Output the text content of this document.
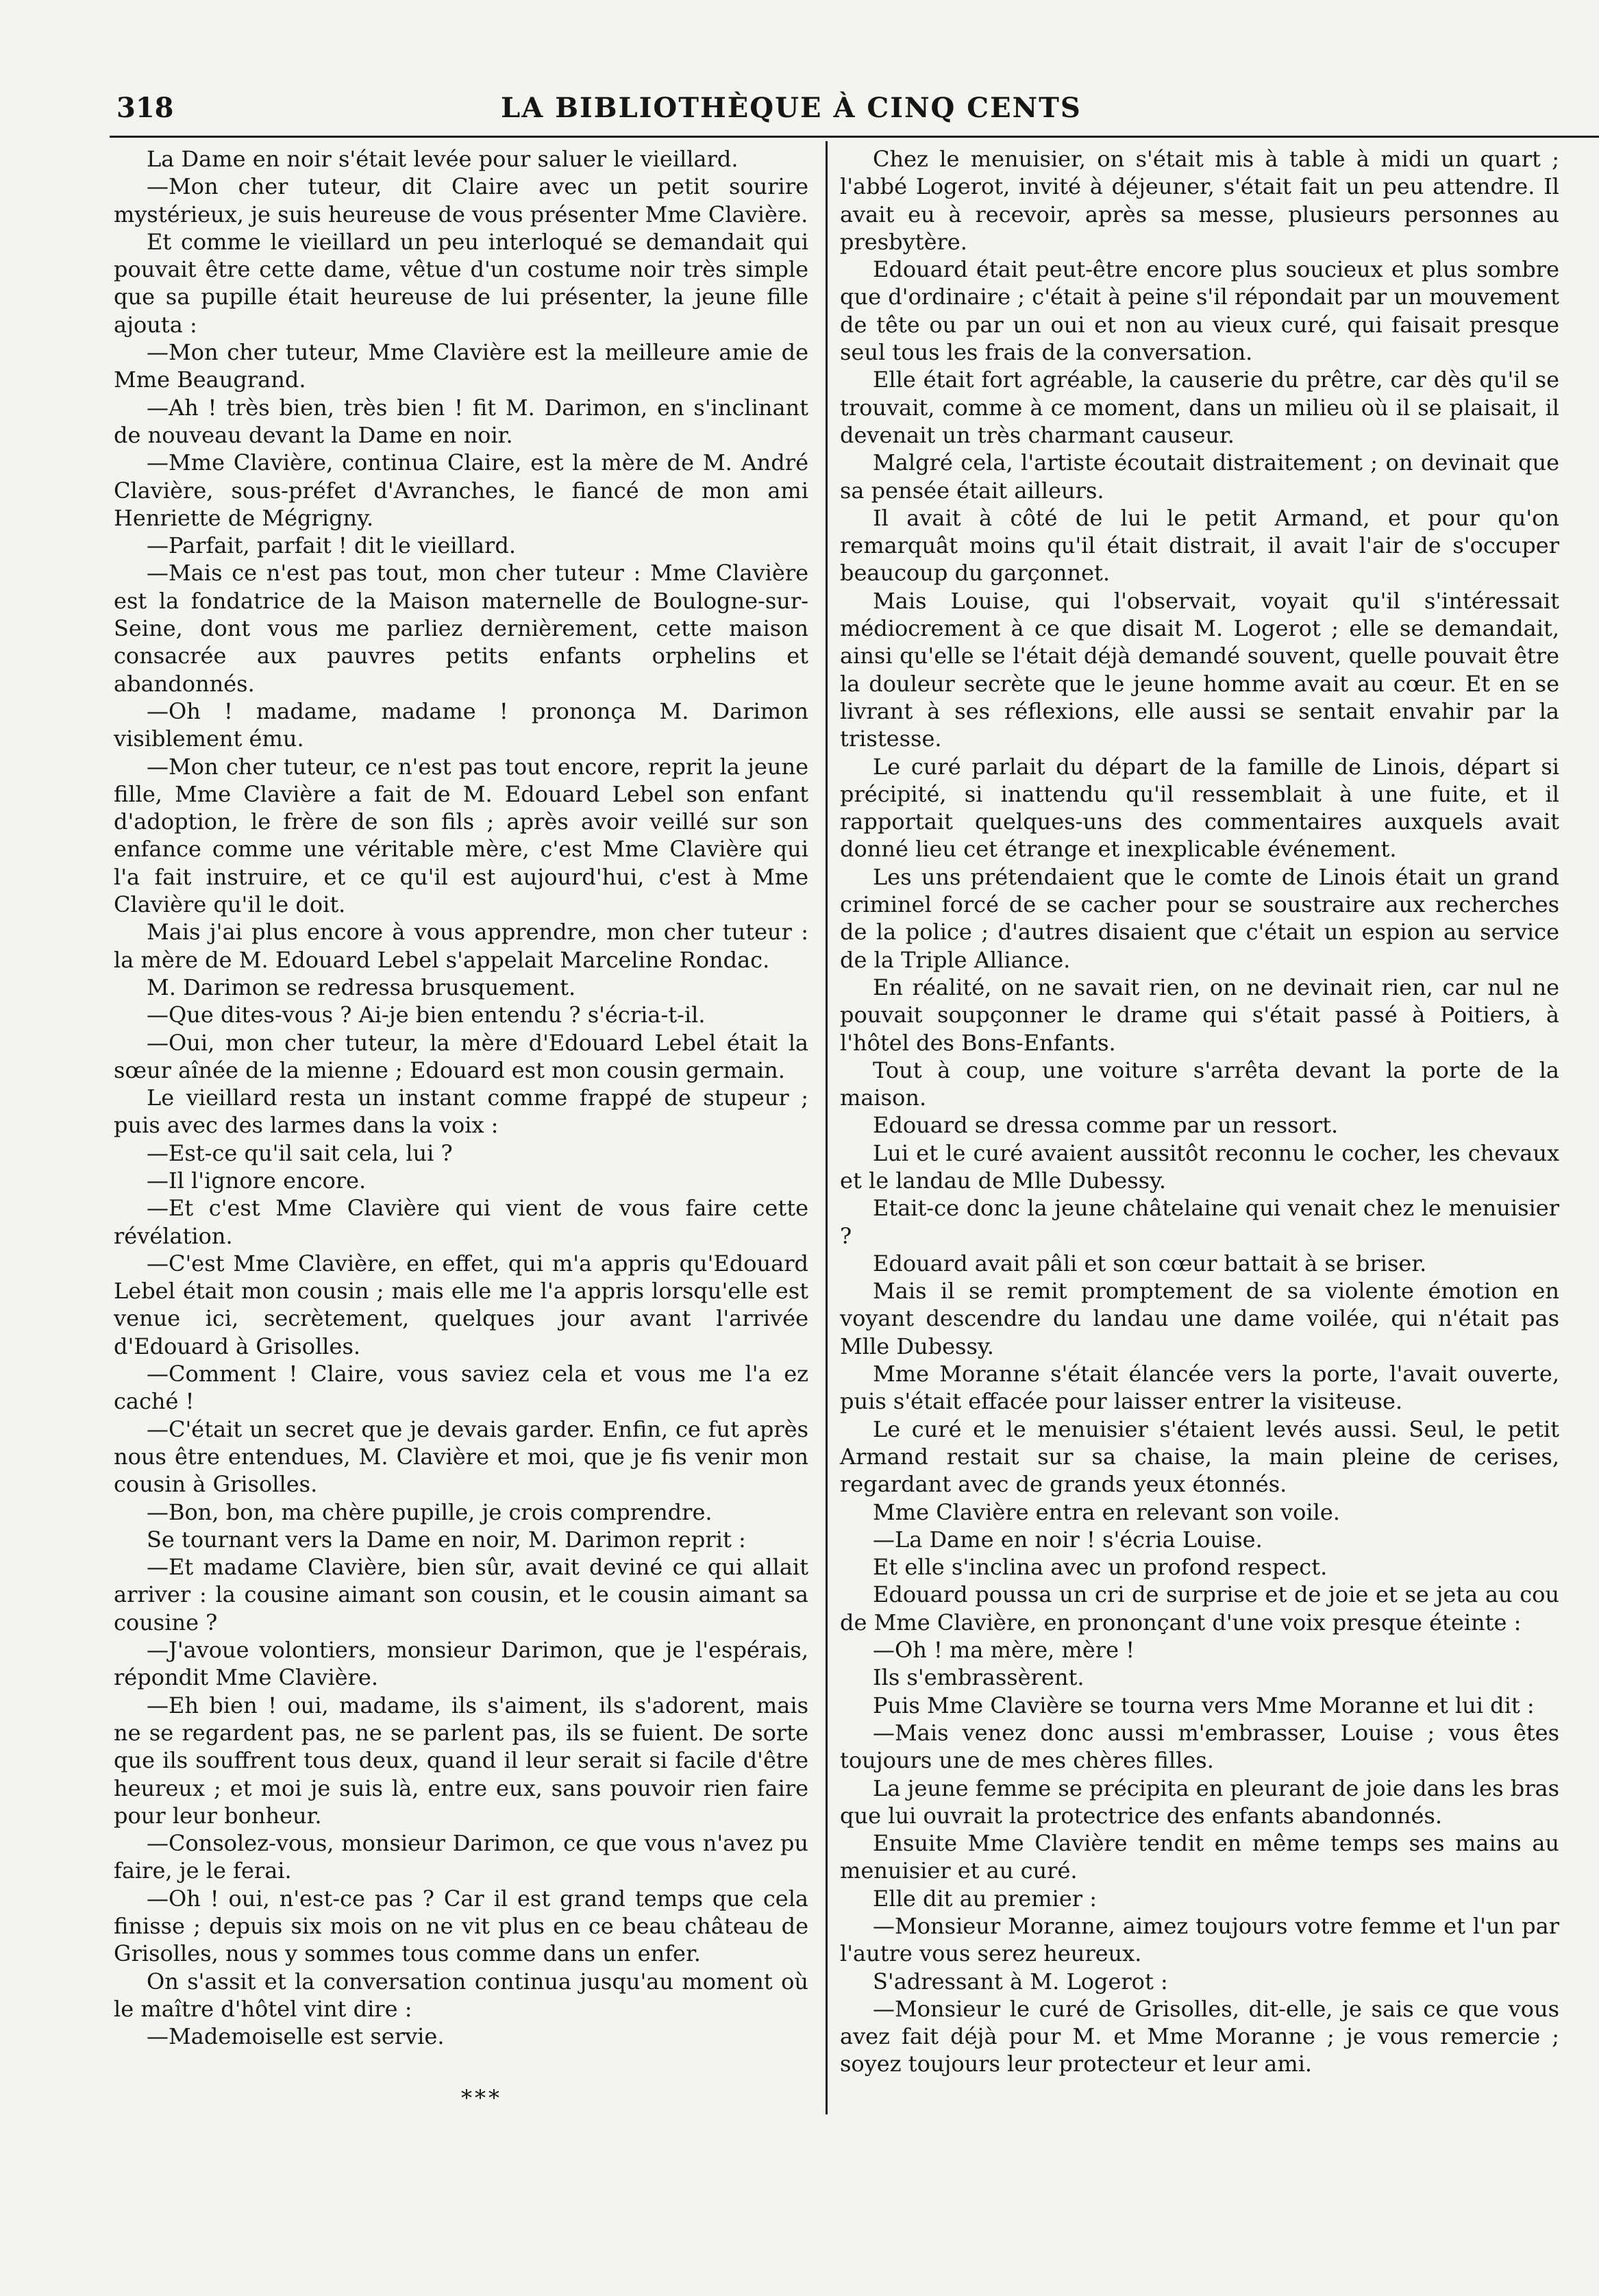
318	LA BIBLIOTHÈQUE À CINQ CENTS

La Dame en noir s'était levée pour saluer le vieillard.

—Mon cher tuteur, dit Claire avec un petit sourire mystérieux, je suis heureuse de vous présenter Mme Clavière.

Et comme le vieillard un peu interloqué se demandait qui pouvait être cette dame, vêtue d'un costume noir très simple que sa pupille était heureuse de lui présenter, la jeune fille ajouta :

—Mon cher tuteur, Mme Clavière est la meilleure amie de Mme Beaugrand.

—Ah ! très bien, très bien ! fit M. Darimon, en s'inclinant de nouveau devant la Dame en noir.

—Mme Clavière, continua Claire, est la mère de M. André Clavière, sous-préfet d'Avranches, le fiancé de mon ami Henriette de Mégrigny.

—Parfait, parfait ! dit le vieillard.

—Mais ce n'est pas tout, mon cher tuteur : Mme Clavière est la fondatrice de la Maison maternelle de Boulogne-sur-Seine, dont vous me parliez dernièrement, cette maison consacrée aux pauvres petits enfants orphelins et abandonnés.

—Oh ! madame, madame ! prononça M. Darimon visiblement ému.

—Mon cher tuteur, ce n'est pas tout encore, reprit la jeune fille, Mme Clavière a fait de M. Edouard Lebel son enfant d'adoption, le frère de son fils ; après avoir veillé sur son enfance comme une véritable mère, c'est Mme Clavière qui l'a fait instruire, et ce qu'il est aujourd'hui, c'est à Mme Clavière qu'il le doit.

Mais j'ai plus encore à vous apprendre, mon cher tuteur : la mère de M. Edouard Lebel s'appelait Marceline Rondac.

M. Darimon se redressa brusquement.

—Que dites-vous ? Ai-je bien entendu ? s'écria-t-il.

—Oui, mon cher tuteur, la mère d'Edouard Lebel était la sœur aînée de la mienne ; Edouard est mon cousin germain.

Le vieillard resta un instant comme frappé de stupeur ; puis avec des larmes dans la voix :

—Est-ce qu'il sait cela, lui ?

—Il l'ignore encore.

—Et c'est Mme Clavière qui vient de vous faire cette révélation.

—C'est Mme Clavière, en effet, qui m'a appris qu'Edouard Lebel était mon cousin ; mais elle me l'a appris lorsqu'elle est venue ici, secrètement, quelques jour avant l'arrivée d'Edouard à Grisolles.

—Comment ! Claire, vous saviez cela et vous me l'a ez caché !

—C'était un secret que je devais garder. Enfin, ce fut après nous être entendues, M. Clavière et moi, que je fis venir mon cousin à Grisolles.

—Bon, bon, ma chère pupille, je crois comprendre.

Se tournant vers la Dame en noir, M. Darimon reprit :

—Et madame Clavière, bien sûr, avait deviné ce qui allait arriver : la cousine aimant son cousin, et le cousin aimant sa cousine ?

—J'avoue volontiers, monsieur Darimon, que je l'espérais, répondit Mme Clavière.

—Eh bien ! oui, madame, ils s'aiment, ils s'adorent, mais ne se regardent pas, ne se parlent pas, ils se fuient. De sorte que ils souffrent tous deux, quand il leur serait si facile d'être heureux ; et moi je suis là, entre eux, sans pouvoir rien faire pour leur bonheur.

—Consolez-vous, monsieur Darimon, ce que vous n'avez pu faire, je le ferai.

—Oh ! oui, n'est-ce pas ? Car il est grand temps que cela finisse ; depuis six mois on ne vit plus en ce beau château de Grisolles, nous y sommes tous comme dans un enfer.

On s'assit et la conversation continua jusqu'au moment où le maître d'hôtel vint dire :

—Mademoiselle est servie.

***

Chez le menuisier, on s'était mis à table à midi un quart ; l'abbé Logerot, invité à déjeuner, s'était fait un peu attendre. Il avait eu à recevoir, après sa messe, plusieurs personnes au presbytère.

Edouard était peut-être encore plus soucieux et plus sombre que d'ordinaire ; c'était à peine s'il répondait par un mouvement de tête ou par un oui et non au vieux curé, qui faisait presque seul tous les frais de la conversation.

Elle était fort agréable, la causerie du prêtre, car dès qu'il se trouvait, comme à ce moment, dans un milieu où il se plaisait, il devenait un très charmant causeur.

Malgré cela, l'artiste écoutait distraitement ; on devinait que sa pensée était ailleurs.

Il avait à côté de lui le petit Armand, et pour qu'on remarquât moins qu'il était distrait, il avait l'air de s'occuper beaucoup du garçonnet.

Mais Louise, qui l'observait, voyait qu'il s'intéressait médiocrement à ce que disait M. Logerot ; elle se demandait, ainsi qu'elle se l'était déjà demandé souvent, quelle pouvait être la douleur secrète que le jeune homme avait au cœur. Et en se livrant à ses réflexions, elle aussi se sentait envahir par la tristesse.

Le curé parlait du départ de la famille de Linois, départ si précipité, si inattendu qu'il ressemblait à une fuite, et il rapportait quelques-uns des commentaires auxquels avait donné lieu cet étrange et inexplicable événement.

Les uns prétendaient que le comte de Linois était un grand criminel forcé de se cacher pour se soustraire aux recherches de la police ; d'autres disaient que c'était un espion au service de la Triple Alliance.

En réalité, on ne savait rien, on ne devinait rien, car nul ne pouvait soupçonner le drame qui s'était passé à Poitiers, à l'hôtel des Bons-Enfants.

Tout à coup, une voiture s'arrêta devant la porte de la maison.

Edouard se dressa comme par un ressort.

Lui et le curé avaient aussitôt reconnu le cocher, les chevaux et le landau de Mlle Dubessy.

Etait-ce donc la jeune châtelaine qui venait chez le menuisier ?

Edouard avait pâli et son cœur battait à se briser.

Mais il se remit promptement de sa violente émotion en voyant descendre du landau une dame voilée, qui n'était pas Mlle Dubessy.

Mme Moranne s'était élancée vers la porte, l'avait ouverte, puis s'était effacée pour laisser entrer la visiteuse.

Le curé et le menuisier s'étaient levés aussi. Seul, le petit Armand restait sur sa chaise, la main pleine de cerises, regardant avec de grands yeux étonnés.

Mme Clavière entra en relevant son voile.

—La Dame en noir ! s'écria Louise.

Et elle s'inclina avec un profond respect.

Edouard poussa un cri de surprise et de joie et se jeta au cou de Mme Clavière, en prononçant d'une voix presque éteinte :

—Oh ! ma mère, mère !

Ils s'embrassèrent.

Puis Mme Clavière se tourna vers Mme Moranne et lui dit :

—Mais venez donc aussi m'embrasser, Louise ; vous êtes toujours une de mes chères filles.

La jeune femme se précipita en pleurant de joie dans les bras que lui ouvrait la protectrice des enfants abandonnés.

Ensuite Mme Clavière tendit en même temps ses mains au menuisier et au curé.

Elle dit au premier :

—Monsieur Moranne, aimez toujours votre femme et l'un par l'autre vous serez heureux.

S'adressant à M. Logerot :

—Monsieur le curé de Grisolles, dit-elle, je sais ce que vous avez fait déjà pour M. et Mme Moranne ; je vous remercie ; soyez toujours leur protecteur et leur ami.
